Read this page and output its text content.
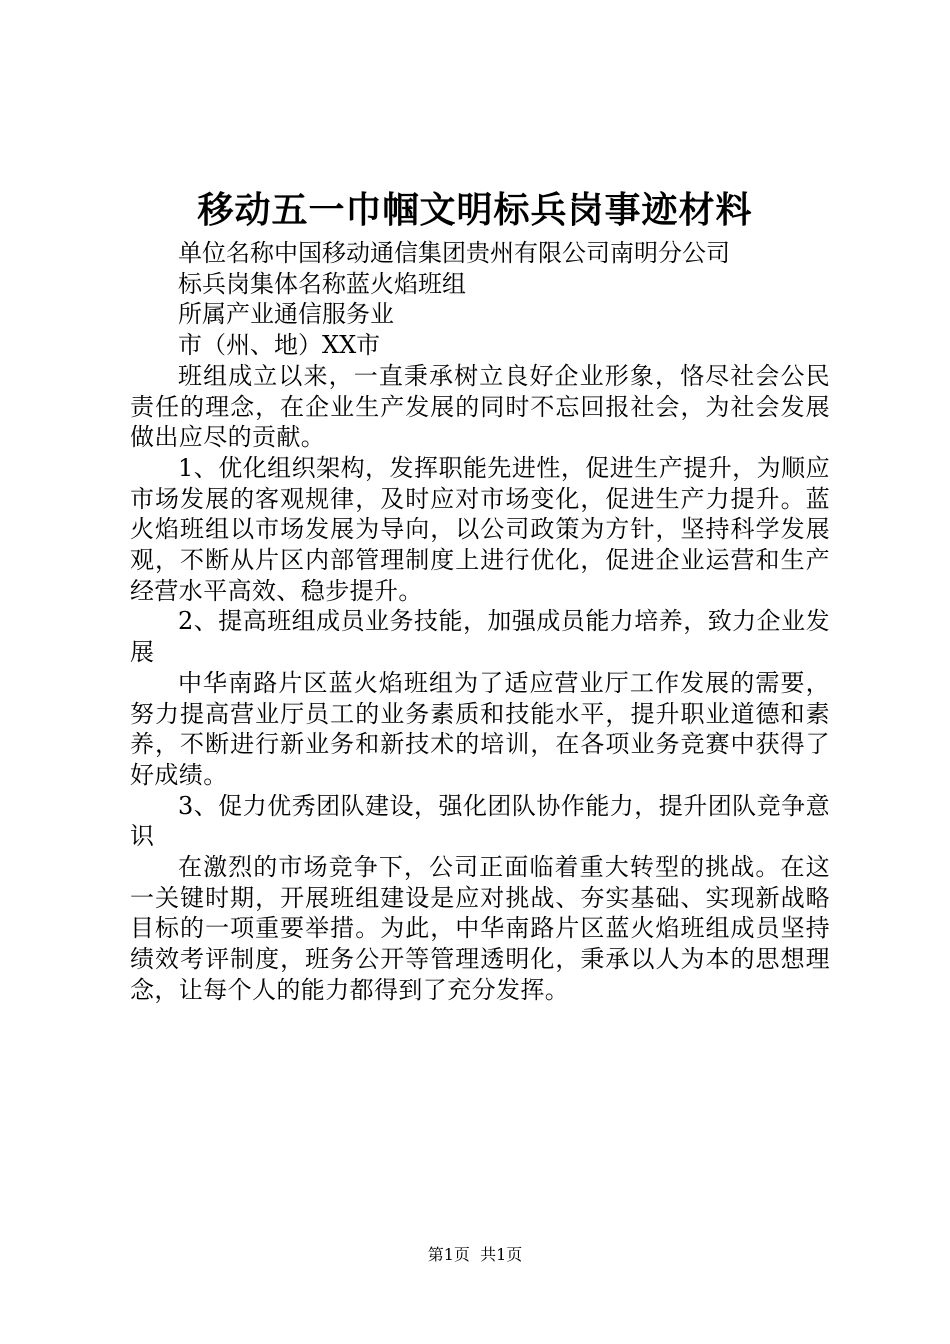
移动五一巾帼文明标兵岗事迹材料
单位名称中国移动通信集团贵州有限公司南明分公司
标兵岗集体名称蓝火焰班组
所属产业通信服务业
市（州、地）XX市
班组成立以来，一直秉承树立良好企业形象，恪尽社会公民责任的理念，在企业生产发展的同时不忘回报社会，为社会发展做出应尽的贡献。
1、优化组织架构，发挥职能先进性，促进生产提升，为顺应市场发展的客观规律，及时应对市场变化，促进生产力提升。蓝火焰班组以市场发展为导向，以公司政策为方针，坚持科学发展观，不断从片区内部管理制度上进行优化，促进企业运营和生产经营水平高效、稳步提升。
2、提高班组成员业务技能，加强成员能力培养，致力企业发展
中华南路片区蓝火焰班组为了适应营业厅工作发展的需要，努力提高营业厅员工的业务素质和技能水平，提升职业道德和素养，不断进行新业务和新技术的培训，在各项业务竞赛中获得了好成绩。
3、促力优秀团队建设，强化团队协作能力，提升团队竞争意识
在激烈的市场竞争下，公司正面临着重大转型的挑战。在这一关键时期，开展班组建设是应对挑战、夯实基础、实现新战略目标的一项重要举措。为此，中华南路片区蓝火焰班组成员坚持绩效考评制度，班务公开等管理透明化，秉承以人为本的思想理念，让每个人的能力都得到了充分发挥。
第1页 共1页
